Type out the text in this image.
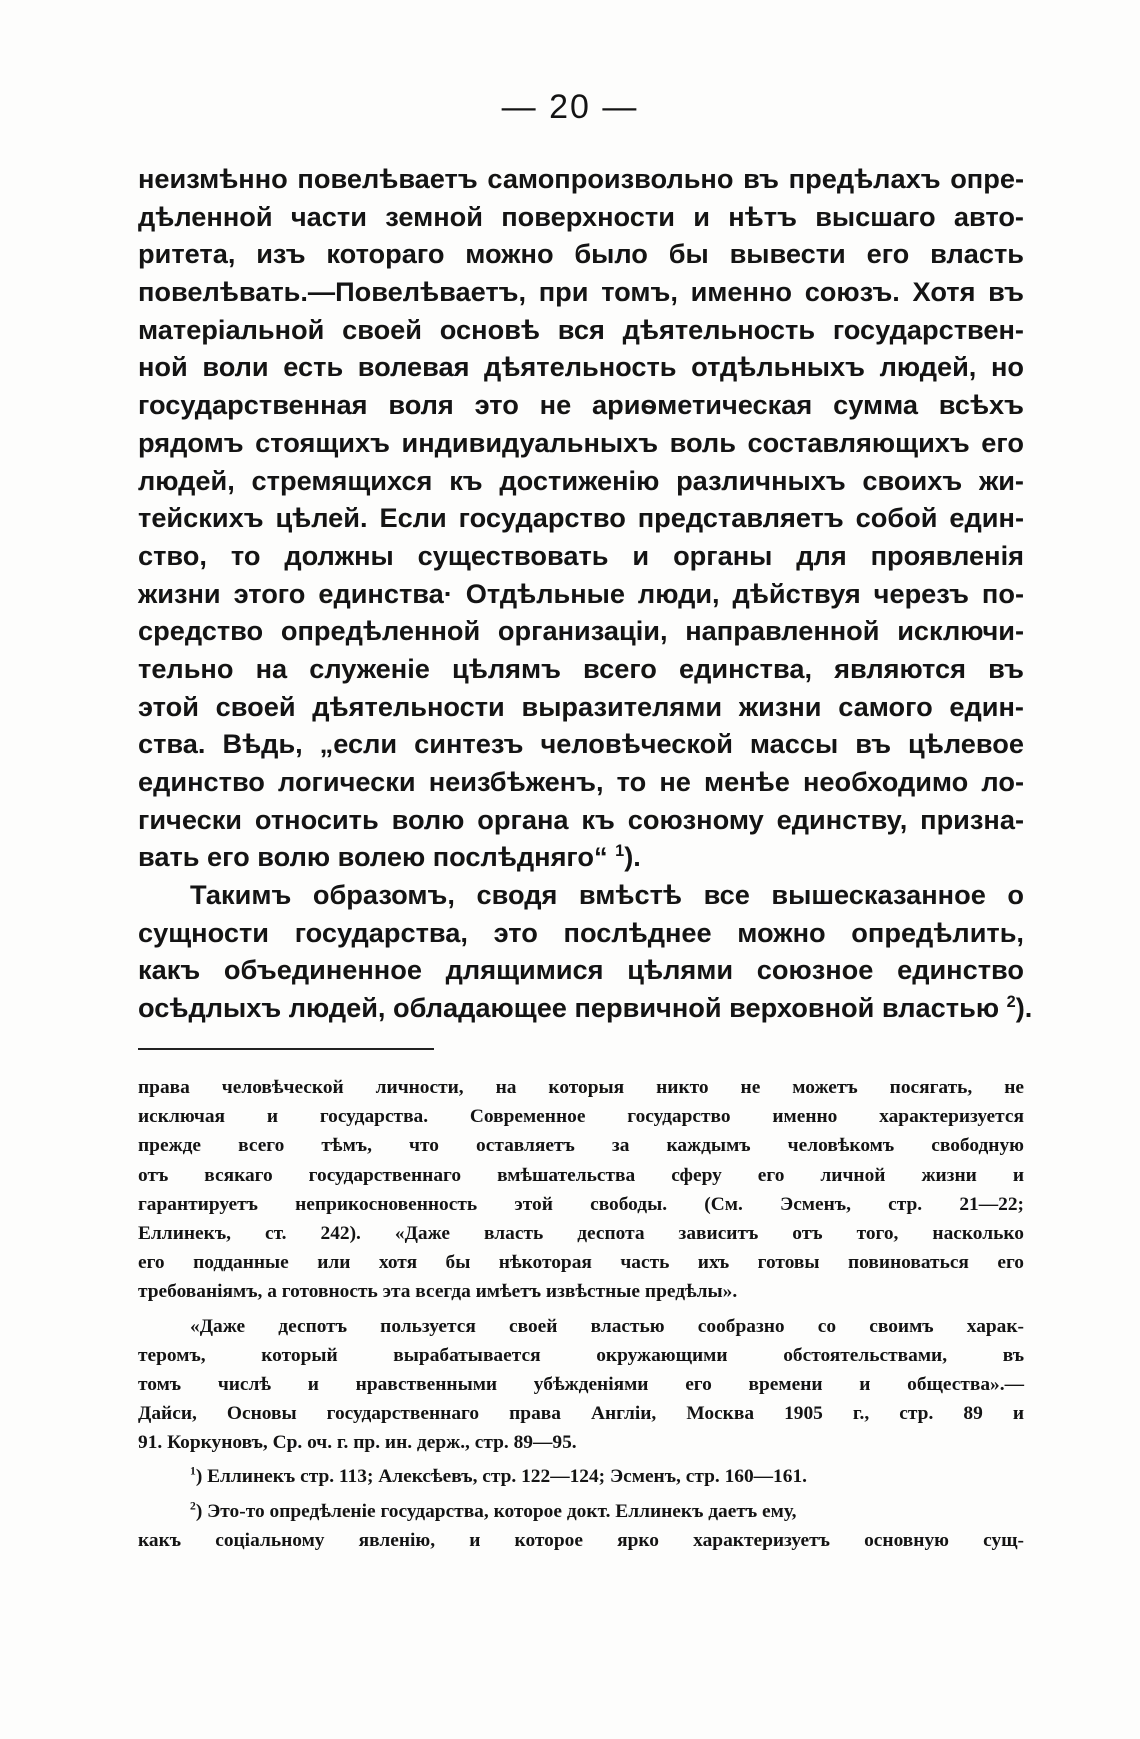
— 20 —
неизмѣнно повелѣваетъ самопроизвольно въ предѣлахъ опре-
дѣленной части земной поверхности и нѣтъ высшаго авто-
ритета, изъ котораго можно было бы вывести его власть
повелѣвать.—Повелѣваетъ, при томъ, именно союзъ. Хотя въ
матеріальной своей основѣ вся дѣятельность государствен-
ной воли есть волевая дѣятельность отдѣльныхъ людей, но
государственная воля это не ариѳметическая сумма всѣхъ
рядомъ стоящихъ индивидуальныхъ воль составляющихъ его
людей, стремящихся къ достиженію различныхъ своихъ жи-
тейскихъ цѣлей. Если государство представляетъ собой един-
ство, то должны существовать и органы для проявленія
жизни этого единства· Отдѣльные люди, дѣйствуя черезъ по-
средство опредѣленной организаціи, направленной исключи-
тельно на служеніе цѣлямъ всего единства, являются въ
этой своей дѣятельности выразителями жизни самого един-
ства. Вѣдь, „если синтезъ человѣческой массы въ цѣлевое
единство логически неизбѣженъ, то не менѣе необходимо ло-
гически относить волю органа къ союзному единству, призна-
вать его волю волею послѣдняго“ $^1$).
Такимъ образомъ, сводя вмѣстѣ все вышесказанное о
сущности государства, это послѣднее можно опредѣлить,
какъ объединенное длящимися цѣлями союзное единство
осѣдлыхъ людей, обладающее первичной верховной властью $^2$).
права человѣческой личности, на которыя никто не можетъ посягать, не
исключая и государства. Современное государство именно характеризуется
прежде всего тѣмъ, что оставляетъ за каждымъ человѣкомъ свободную
отъ всякаго государственнаго вмѣшательства сферу его личной жизни и
гарантируетъ неприкосновенность этой свободы. (См. Эсменъ, стр. 21—22;
Еллинекъ, ст. 242). «Даже власть деспота зависитъ отъ того, насколько
его подданные или хотя бы нѣкоторая часть ихъ готовы повиноваться его
требованіямъ, а готовность эта всегда имѣетъ извѣстные предѣлы».
«Даже деспотъ пользуется своей властью сообразно со своимъ харак-
теромъ, который вырабатывается окружающими обстоятельствами, въ
томъ числѣ и нравственными убѣжденіями его времени и общества».—
Дайси, Основы государственнаго права Англіи, Москва 1905 г., стр. 89 и
91. Коркуновъ, Ср. оч. г. пр. ин. держ., стр. 89—95.
$^1$) Еллинекъ стр. 113; Алексѣевъ, стр. 122—124; Эсменъ, стр. 160—161.
$^2$) Это-то опредѣленіе государства, которое докт. Еллинекъ даетъ ему,
какъ соціальному явленію, и которое ярко характеризуетъ основную сущ-
